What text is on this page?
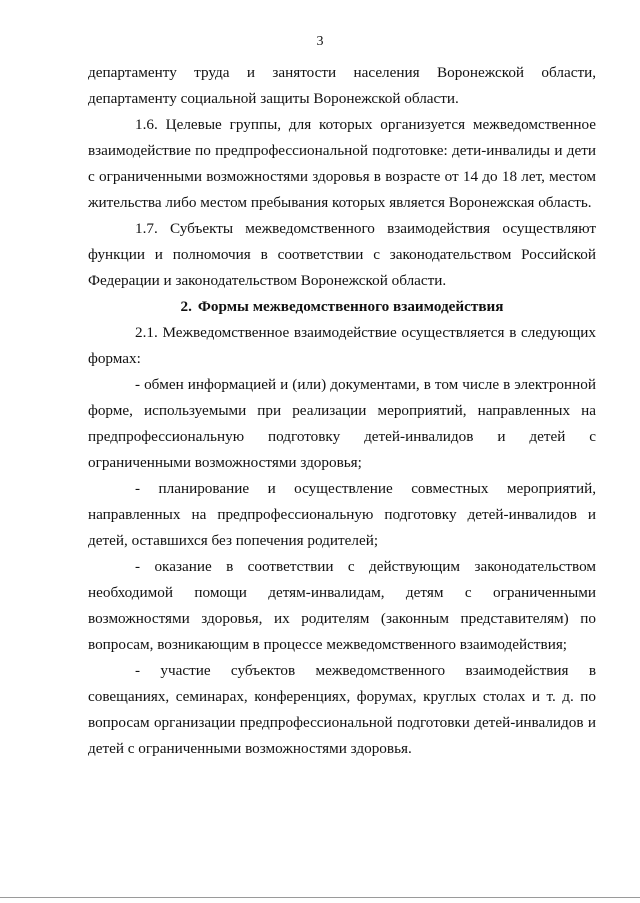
3

департаменту труда и занятости населения Воронежской области, департаменту социальной защиты Воронежской области.

1.6. Целевые группы, для которых организуется межведомственное взаимодействие по предпрофессиональной подготовке: дети-инвалиды и дети с ограниченными возможностями здоровья в возрасте от 14 до 18 лет, местом жительства либо местом пребывания которых является Воронежская область.

1.7. Субъекты межведомственного взаимодействия осуществляют функции и полномочия в соответствии с законодательством Российской Федерации и законодательством Воронежской области.

2. Формы межведомственного взаимодействия

2.1. Межведомственное взаимодействие осуществляется в следующих формах:

- обмен информацией и (или) документами, в том числе в электронной форме, используемыми при реализации мероприятий, направленных на предпрофессиональную подготовку детей-инвалидов и детей с ограниченными возможностями здоровья;

- планирование и осуществление совместных мероприятий, направленных на предпрофессиональную подготовку детей-инвалидов и детей, оставшихся без попечения родителей;

- оказание в соответствии с действующим законодательством необходимой помощи детям-инвалидам, детям с ограниченными возможностями здоровья, их родителям (законным представителям) по вопросам, возникающим в процессе межведомственного взаимодействия;

- участие субъектов межведомственного взаимодействия в совещаниях, семинарах, конференциях, форумах, круглых столах и т. д. по вопросам организации предпрофессиональной подготовки детей-инвалидов и детей с ограниченными возможностями здоровья.
